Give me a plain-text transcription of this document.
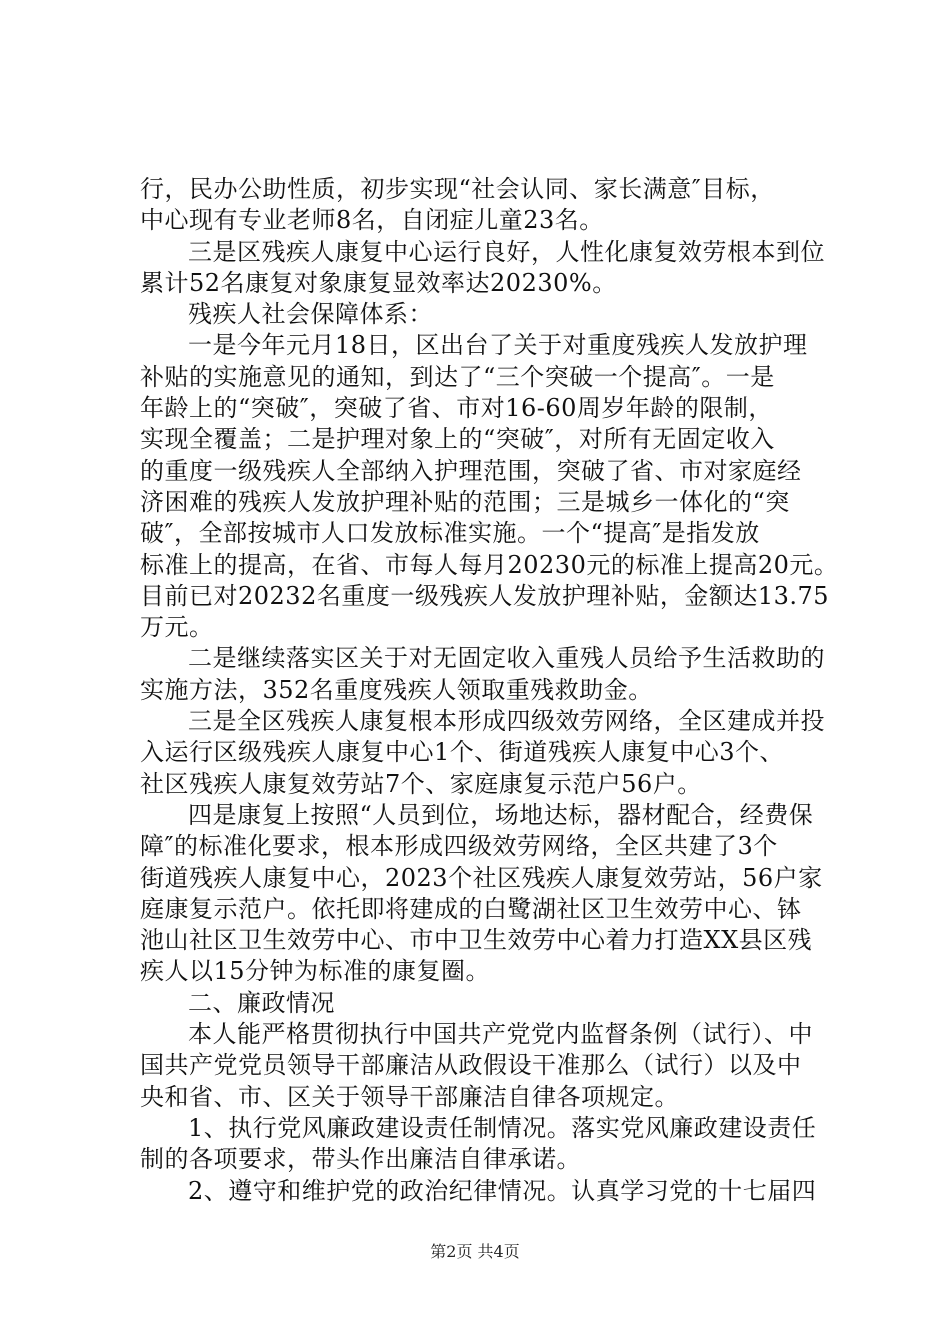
行，民办公助性质，初步实现“社会认同、家长满意″目标，
中心现有专业老师8名，自闭症儿童23名。
三是区残疾人康复中心运行良好，人性化康复效劳根本到位
累计52名康复对象康复显效率达20230%。
残疾人社会保障体系：
一是今年元月18日，区出台了关于对重度残疾人发放护理
补贴的实施意见的通知，到达了“三个突破一个提高″。一是
年龄上的“突破″，突破了省、市对16-60周岁年龄的限制，
实现全覆盖；二是护理对象上的“突破″，对所有无固定收入
的重度一级残疾人全部纳入护理范围，突破了省、市对家庭经
济困难的残疾人发放护理补贴的范围；三是城乡一体化的“突
破″，全部按城市人口发放标准实施。一个“提高″是指发放
标准上的提高，在省、市每人每月20230元的标准上提高20元。
目前已对20232名重度一级残疾人发放护理补贴，金额达13.75
万元。
二是继续落实区关于对无固定收入重残人员给予生活救助的
实施方法，352名重度残疾人领取重残救助金。
三是全区残疾人康复根本形成四级效劳网络，全区建成并投
入运行区级残疾人康复中心1个、街道残疾人康复中心3个、
社区残疾人康复效劳站7个、家庭康复示范户56户。
四是康复上按照“人员到位，场地达标，器材配合，经费保
障″的标准化要求，根本形成四级效劳网络，全区共建了3个
街道残疾人康复中心，2023个社区残疾人康复效劳站，56户家
庭康复示范户。依托即将建成的白鹭湖社区卫生效劳中心、钵
池山社区卫生效劳中心、市中卫生效劳中心着力打造XX县区残
疾人以15分钟为标准的康复圈。
二、廉政情况
本人能严格贯彻执行中国共产党党内监督条例（试行）、中
国共产党党员领导干部廉洁从政假设干准那么（试行）以及中
央和省、市、区关于领导干部廉洁自律各项规定。
1、执行党风廉政建设责任制情况。落实党风廉政建设责任
制的各项要求，带头作出廉洁自律承诺。
2、遵守和维护党的政治纪律情况。认真学习党的十七届四
第2页 共4页
